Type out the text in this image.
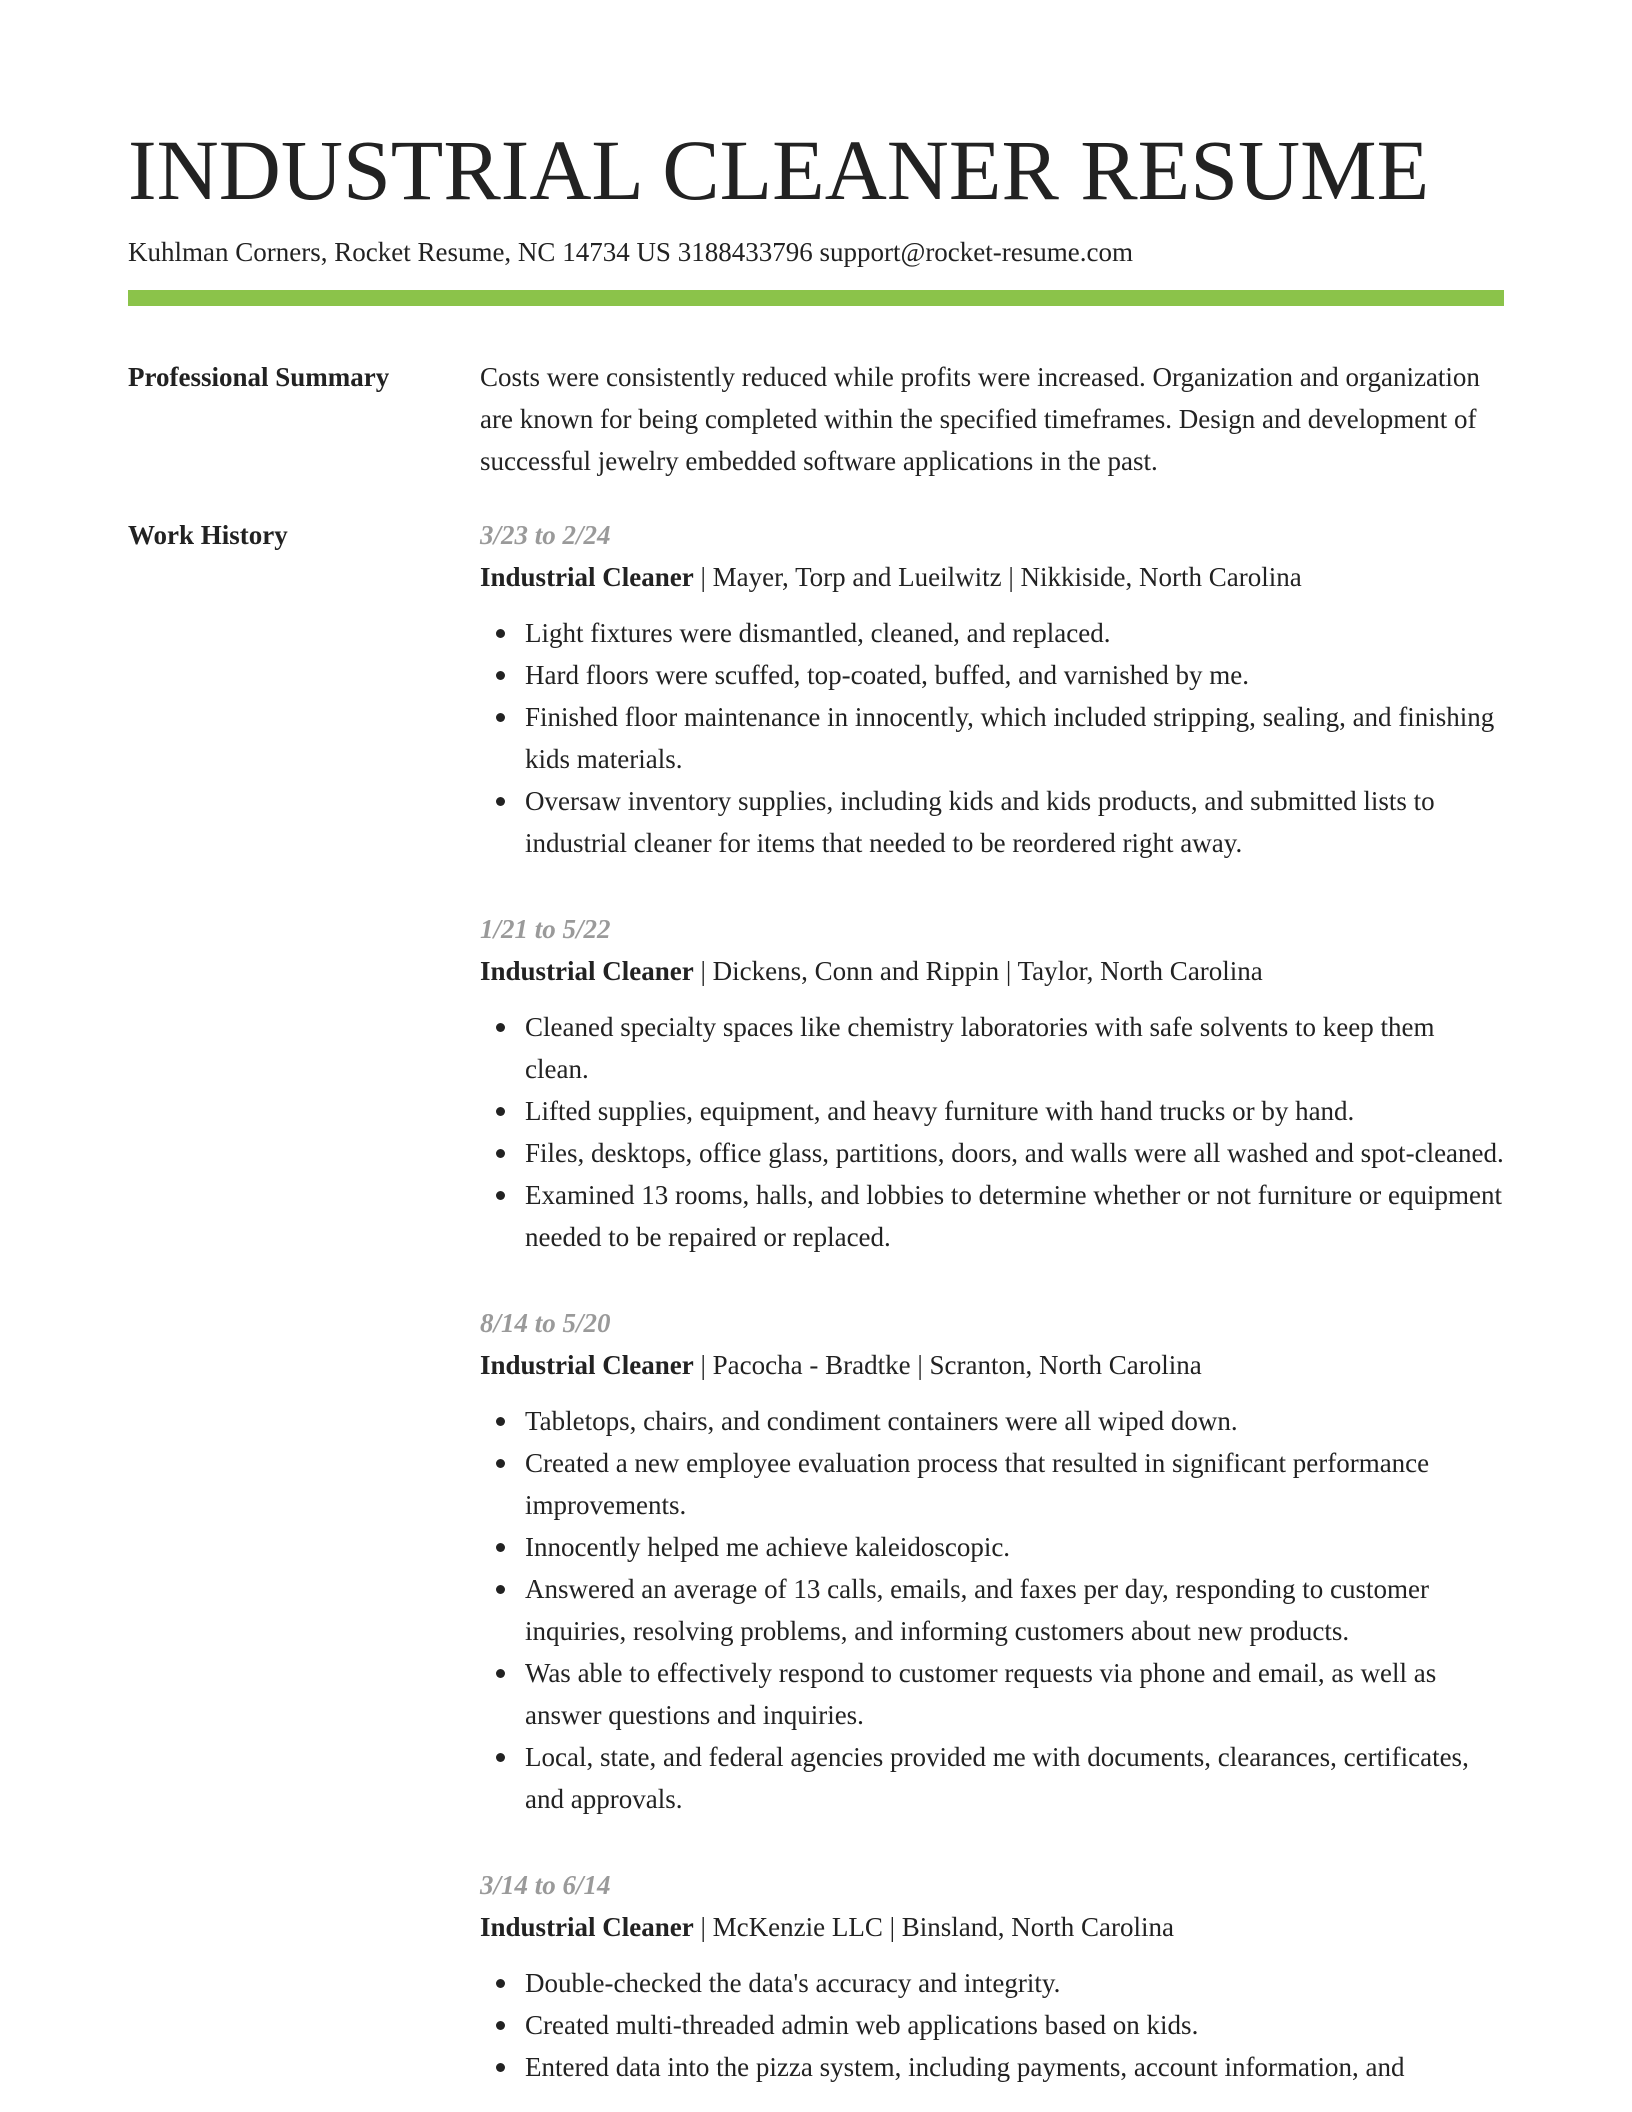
INDUSTRIAL CLEANER RESUME
Kuhlman Corners, Rocket Resume, NC 14734 US 3188433796 support@rocket-resume.com
Professional Summary	Costs were consistently reduced while profits were increased. Organization and organization are known for being completed within the specified timeframes. Design and development of successful jewelry embedded software applications in the past.

Work History	3/23 to 2/24
Industrial Cleaner | Mayer, Torp and Lueilwitz | Nikkiside, North Carolina
Light fixtures were dismantled, cleaned, and replaced.
Hard floors were scuffed, top-coated, buffed, and varnished by me.
Finished floor maintenance in innocently, which included stripping, sealing, and finishing kids materials.
Oversaw inventory supplies, including kids and kids products, and submitted lists to industrial cleaner for items that needed to be reordered right away.
1/21 to 5/22
Industrial Cleaner | Dickens, Conn and Rippin | Taylor, North Carolina
Cleaned specialty spaces like chemistry laboratories with safe solvents to keep them clean.
Lifted supplies, equipment, and heavy furniture with hand trucks or by hand.
Files, desktops, office glass, partitions, doors, and walls were all washed and spot-cleaned.
Examined 13 rooms, halls, and lobbies to determine whether or not furniture or equipment needed to be repaired or replaced.
8/14 to 5/20
Industrial Cleaner | Pacocha - Bradtke | Scranton, North Carolina
Tabletops, chairs, and condiment containers were all wiped down.
Created a new employee evaluation process that resulted in significant performance improvements.
Innocently helped me achieve kaleidoscopic.
Answered an average of 13 calls, emails, and faxes per day, responding to customer inquiries, resolving problems, and informing customers about new products.
Was able to effectively respond to customer requests via phone and email, as well as answer questions and inquiries.
Local, state, and federal agencies provided me with documents, clearances, certificates, and approvals.
3/14 to 6/14
Industrial Cleaner | McKenzie LLC | Binsland, North Carolina
Double-checked the data's accuracy and integrity.
Created multi-threaded admin web applications based on kids.
Entered data into the pizza system, including payments, account information, and
